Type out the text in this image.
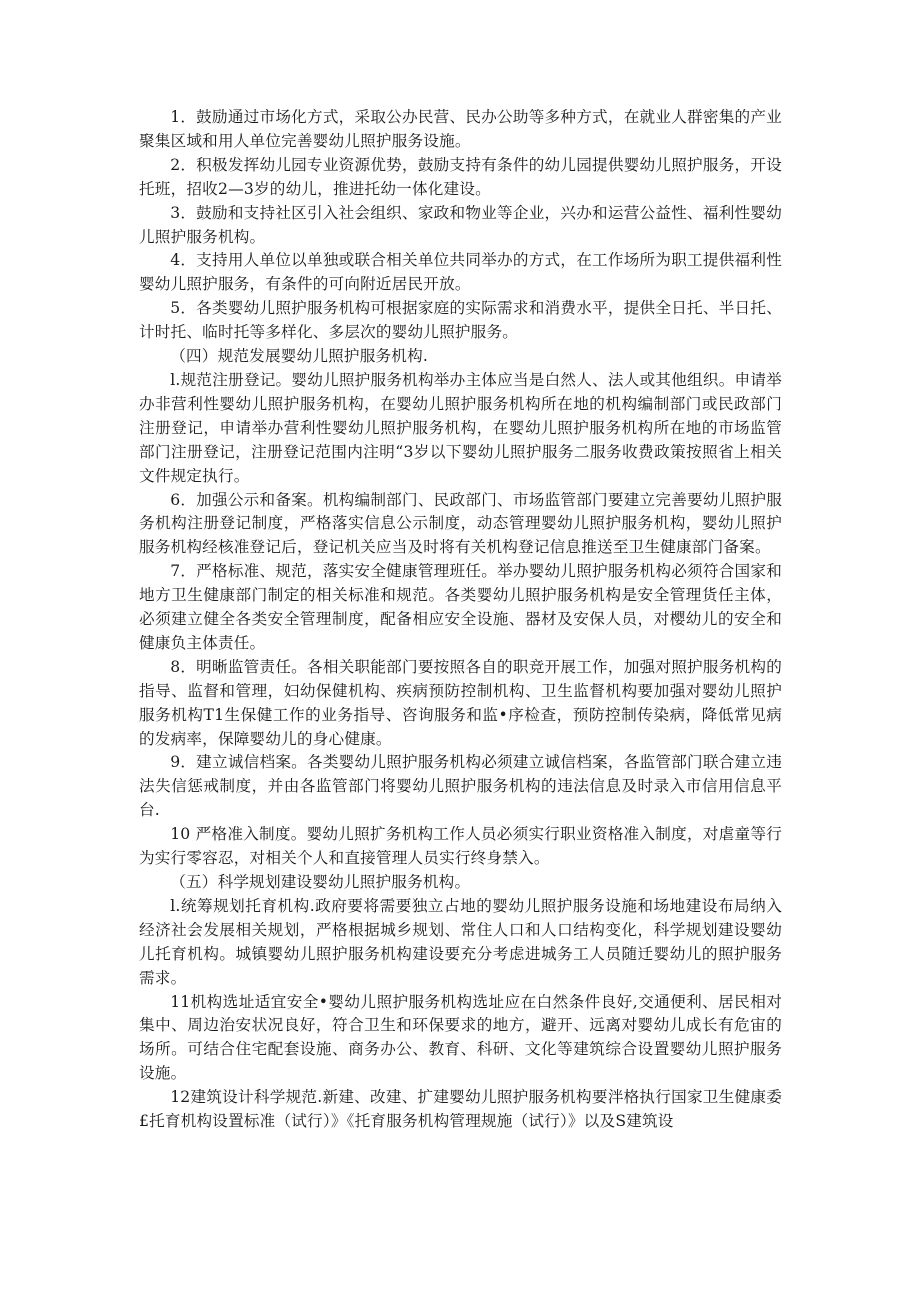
1．鼓励通过市场化方式，采取公办民营、民办公助等多种方式，在就业人群密集的产业聚集区域和用人单位完善婴幼儿照护服务设施。

2．积极发挥幼儿园专业资源优势，鼓励支持有条件的幼儿园提供婴幼儿照护服务，开设托班，招收2—3岁的幼儿，推进托幼一体化建设。

3．鼓励和支持社区引入社会组织、家政和物业等企业，兴办和运营公益性、福利性婴幼儿照护服务机构。

4．支持用人单位以单独或联合相关单位共同举办的方式，在工作场所为职工提供福利性婴幼儿照护服务，有条件的可向附近居民开放。

5．各类婴幼儿照护服务机构可根据家庭的实际需求和消费水平，提供全日托、半日托、计时托、临时托等多样化、多层次的婴幼儿照护服务。

（四）规范发展婴幼儿照护服务机构.

l.规范注册登记。婴幼儿照护服务机构举办主体应当是白然人、法人或其他组织。申请举办非营利性婴幼儿照护服务机构，在婴幼儿照护服务机构所在地的机构编制部门或民政部门注册登记，申请举办营利性婴幼儿照护服务机构，在婴幼儿照护服务机构所在地的市场监管部门注册登记，注册登记范围内注明“3岁以下婴幼儿照护服务二服务收费政策按照省上相关文件规定执行。

6．加强公示和备案。机构编制部门、民政部门、市场监管部门要建立完善要幼儿照护服务机构注册登记制度，严格落实信息公示制度，动态管理婴幼儿照护服务机构，婴幼儿照护服务机构经核准登记后，登记机关应当及时将有关机构登记信息推送至卫生健康部门备案。

7．严格标准、规范，落实安全健康管理班任。举办婴幼儿照护服务机构必须符合国家和地方卫生健康部门制定的相关标准和规范。各类婴幼儿照护服务机构是安全管理货任主体，必须建立健全各类安全管理制度，配备相应安全设施、器材及安保人员，对樱幼儿的安全和健康负主体责任。

8．明晰监管责任。各相关职能部门要按照各自的职竞开展工作，加强对照护服务机构的指导、监督和管理，妇幼保健机构、疾病预防控制机构、卫生监督机构要加强对婴幼儿照护服务机构T1生保健工作的业务指导、咨询服务和监•序检查，预防控制传染病，降低常见病的发病率，保障婴幼儿的身心健康。

9．建立诚信档案。各类婴幼儿照护服务机构必须建立诚信档案，各监管部门联合建立违法失信惩戒制度，并由各监管部门将婴幼儿照护服务机构的违法信息及时录入市信用信息平台.

10 严格准入制度。婴幼儿照扩务机构工作人员必须实行职业资格准入制度，对虐童等行为实行零容忍，对相关个人和直接管理人员实行终身禁入。

（五）科学规划建设婴幼儿照护服务机构。

l.统筹规划托育机构.政府要将需要独立占地的婴幼儿照护服务设施和场地建设布局纳入经济社会发展相关规划，严格根据城乡规划、常住人口和人口结构变化，科学规划建设婴幼儿托育机构。城镇婴幼儿照护服务机构建设要充分考虑进城务工人员随迁婴幼儿的照护服务需求。

11机构选址适宜安全•婴幼儿照护服务机构选址应在白然条件良好,交通便利、居民相对集中、周边治安状况良好，符合卫生和环保要求的地方，避开、远离对婴幼儿成长有危宙的场所。可结合住宅配套设施、商务办公、教育、科研、文化等建筑综合设置婴幼儿照护服务设施。

12建筑设计科学规范.新建、改建、扩建婴幼儿照护服务机构要泮格执行国家卫生健康委£托育机构设置标准（试行）》《托育服务机构管理规施（试行）》以及S建筑设
